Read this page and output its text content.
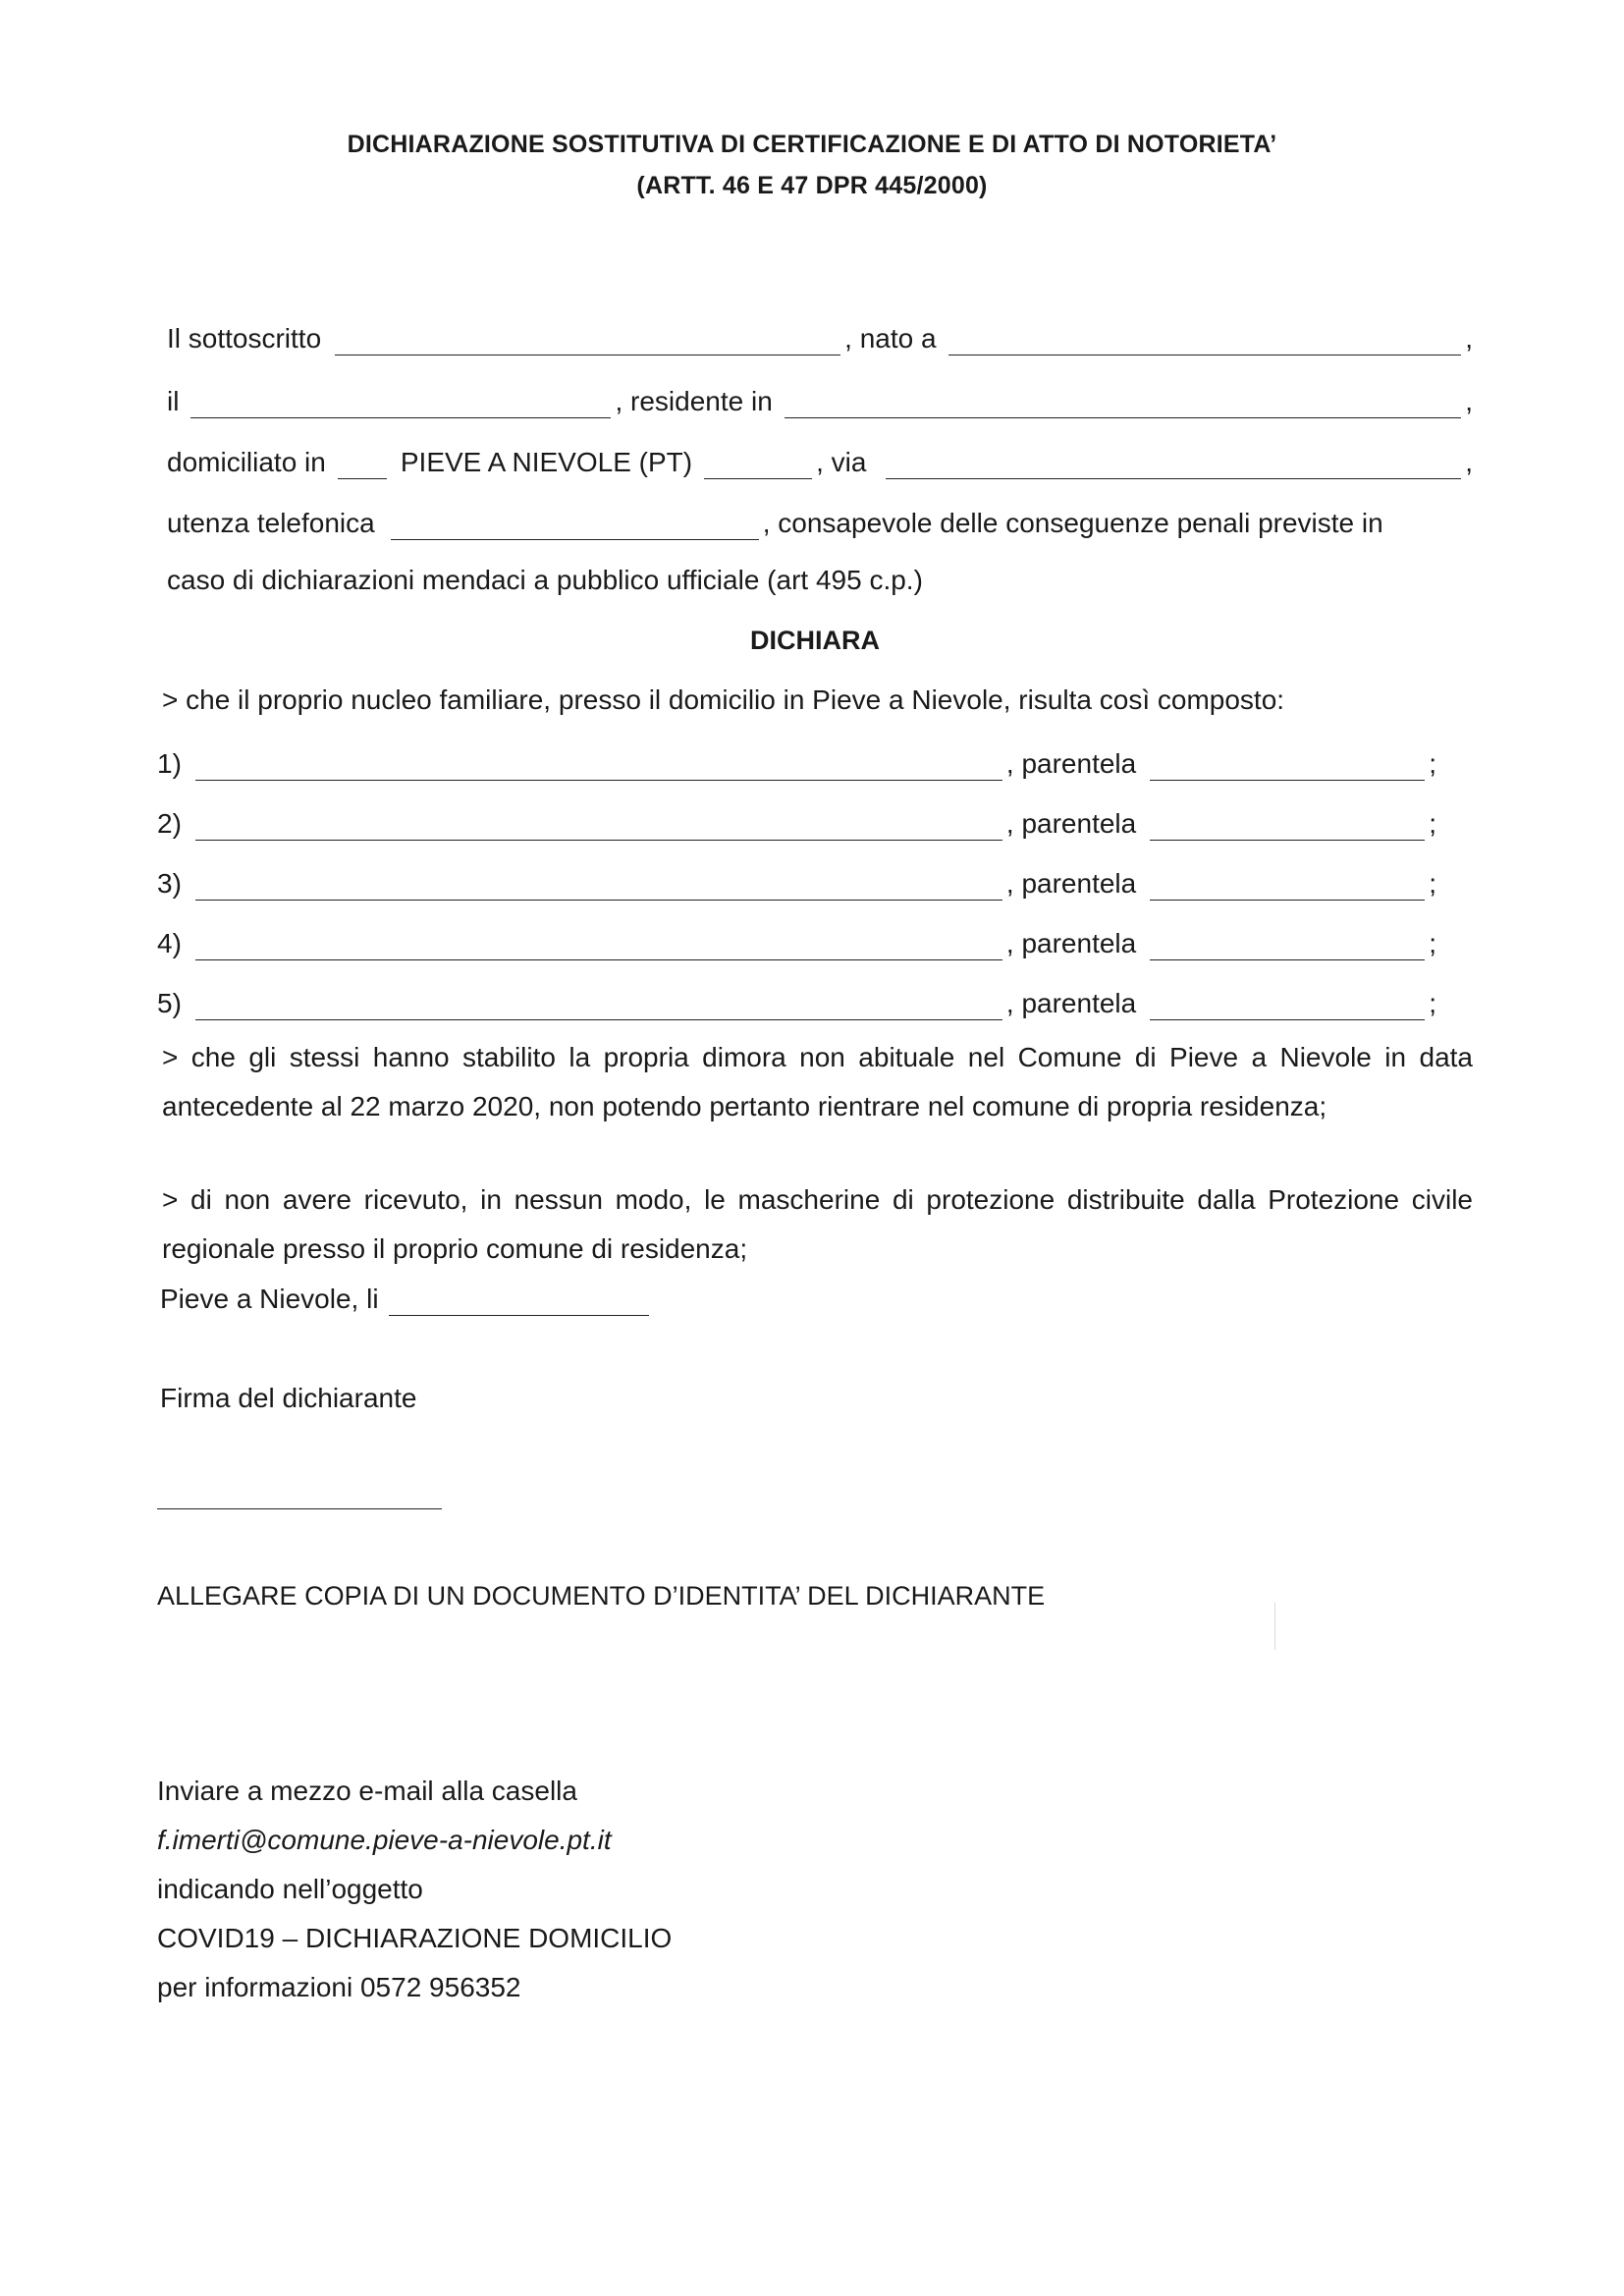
DICHIARAZIONE SOSTITUTIVA DI CERTIFICAZIONE E DI ATTO DI NOTORIETA’
(ARTT. 46 E 47 DPR 445/2000)
Il sottoscritto	, nato a	,
il	, residente in	,
domiciliato in	PIEVE A NIEVOLE (PT)	, via	,
utenza telefonica	, consapevole delle conseguenze penali previste in
caso di dichiarazioni mendaci a pubblico ufficiale (art 495 c.p.)
DICHIARA
> che il proprio nucleo familiare, presso il domicilio in Pieve a Nievole, risulta così composto:
1)	, parentela	;
2)	, parentela	;
3)	, parentela	;
4)	, parentela	;
5)	, parentela	;
> che gli stessi hanno stabilito la propria dimora non abituale nel Comune di Pieve a Nievole in data antecedente al 22 marzo 2020, non potendo pertanto rientrare nel comune di propria residenza;
> di non avere ricevuto, in nessun modo, le mascherine di protezione distribuite dalla Protezione civile regionale presso il proprio comune di residenza;
Pieve a Nievole, li
Firma del dichiarante
ALLEGARE COPIA DI UN DOCUMENTO D’IDENTITA’ DEL DICHIARANTE
Inviare a mezzo e-mail alla casella
f.imerti@comune.pieve-a-nievole.pt.it
indicando nell’oggetto
COVID19 – DICHIARAZIONE DOMICILIO
per informazioni 0572 956352
